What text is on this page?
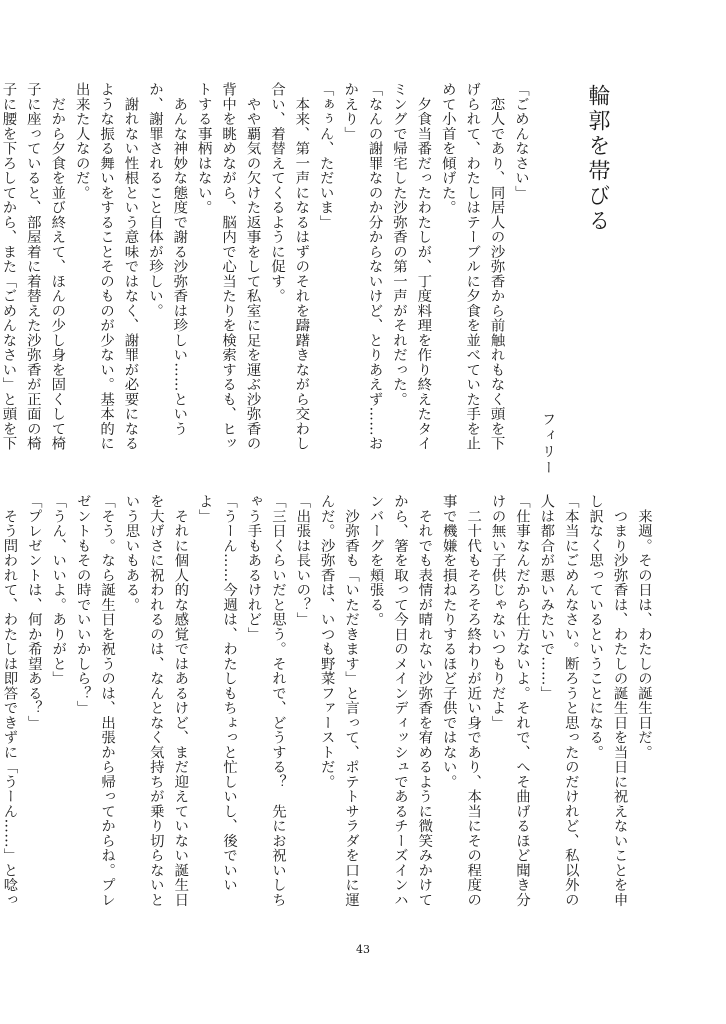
輪郭を帯びる
フィリー

「ごめんなさい」

　恋人であり、同居人の沙弥香から前触れもなく頭を下げられて、わたしはテーブルに夕食を並べていた手を止めて小首を傾げた。

　夕食当番だったわたしが、丁度料理を作り終えたタイミングで帰宅した沙弥香の第一声がそれだった。

「なんの謝罪なのか分からないけど、とりあえず……おかえり」

「ぁぅん、ただいま」

　本来、第一声になるはずのそれを躊躇きながら交わし合い、着替えてくるように促す。

　やや覇気の欠けた返事をして私室に足を運ぶ沙弥香の背中を眺めながら、脳内で心当たりを検索するも、ヒットする事柄はない。

　あんな神妙な態度で謝る沙弥香は珍しい……というか、謝罪されること自体が珍しい。

　謝れない性根という意味ではなく、謝罪が必要になるような振る舞いをすることそのものが少ない。基本的に出来た人なのだ。

　だから夕食を並び終えて、ほんの少し身を固くして椅子に座っていると、部屋着に着替えた沙弥香が正面の椅子に腰を下ろしてから、また「ごめんなさい」と頭を下

　来週。その日は、わたしの誕生日だ。

　つまり沙弥香は、わたしの誕生日を当日に祝えないことを申し訳なく思っているということになる。

「本当にごめんなさい。断ろうと思ったのだけれど、私以外の人は都合が悪いみたいで……」

「仕事なんだから仕方ないよ。それで、へそ曲げるほど聞き分けの無い子供じゃないつもりだよ」

　二十代もそろそろ終わりが近い身であり、本当にその程度の事で機嫌を損ねたりするほど子供ではない。

　それでも表情が晴れない沙弥香を宥めるように微笑みかけてから、箸を取って今日のメインディッシュであるチーズインハンバーグを頬張る。

　沙弥香も「いただきます」と言って、ポテトサラダを口に運んだ。沙弥香は、いつも野菜ファーストだ。

「出張は長いの？」

「三日くらいだと思う。それで、どうする？　先にお祝いしちゃう手もあるけれど」

「うーん……今週は、わたしもちょっと忙しいし、後でいいよ」

　それに個人的な感覚ではあるけど、まだ迎えていない誕生日を大げさに祝われるのは、なんとなく気持ちが乗り切らないという思いもある。

「そう。なら誕生日を祝うのは、出張から帰ってからね。プレゼントもその時でいいかしら？」

「うん、いいよ。ありがと」

「プレゼントは、何か希望ある？」

　そう問われて、わたしは即答できずに「うーん……」と唸っ

43
